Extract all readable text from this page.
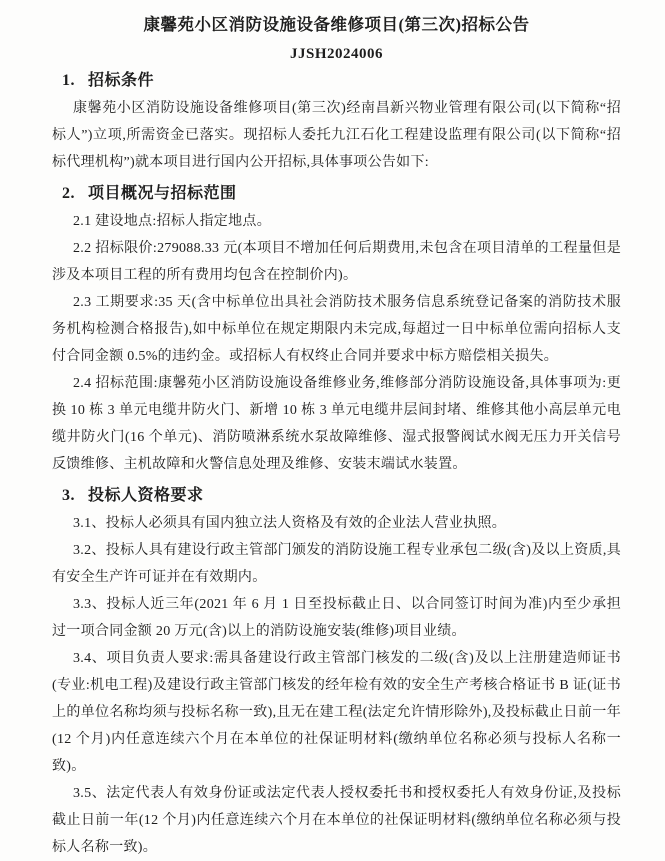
康馨苑小区消防设施设备维修项目(第三次)招标公告
JJSH2024006
1. 招标条件

康馨苑小区消防设施设备维修项目(第三次)经南昌新兴物业管理有限公司(以下简称“招标人”)立项,所需资金已落实。现招标人委托九江石化工程建设监理有限公司(以下简称“招标代理机构”)就本项目进行国内公开招标,具体事项公告如下:

2. 项目概况与招标范围

2.1 建设地点:招标人指定地点。

2.2 招标限价:279088.33 元(本项目不增加任何后期费用,未包含在项目清单的工程量但是涉及本项目工程的所有费用均包含在控制价内)。

2.3 工期要求:35 天(含中标单位出具社会消防技术服务信息系统登记备案的消防技术服务机构检测合格报告),如中标单位在规定期限内未完成,每超过一日中标单位需向招标人支付合同金额 0.5%的违约金。或招标人有权终止合同并要求中标方赔偿相关损失。

2.4 招标范围:康馨苑小区消防设施设备维修业务,维修部分消防设施设备,具体事项为:更换 10 栋 3 单元电缆井防火门、新增 10 栋 3 单元电缆井层间封堵、维修其他小高层单元电缆井防火门(16 个单元)、消防喷淋系统水泵故障维修、湿式报警阀试水阀无压力开关信号反馈维修、主机故障和火警信息处理及维修、安装末端试水装置。

3. 投标人资格要求

3.1、投标人必须具有国内独立法人资格及有效的企业法人营业执照。

3.2、投标人具有建设行政主管部门颁发的消防设施工程专业承包二级(含)及以上资质,具有安全生产许可证并在有效期内。

3.3、投标人近三年(2021 年 6 月 1 日至投标截止日、以合同签订时间为准)内至少承担过一项合同金额 20 万元(含)以上的消防设施安装(维修)项目业绩。

3.4、项目负责人要求:需具备建设行政主管部门核发的二级(含)及以上注册建造师证书(专业:机电工程)及建设行政主管部门核发的经年检有效的安全生产考核合格证书 B 证(证书上的单位名称均须与投标名称一致),且无在建工程(法定允许情形除外),及投标截止日前一年(12 个月)内任意连续六个月在本单位的社保证明材料(缴纳单位名称必须与投标人名称一致)。

3.5、法定代表人有效身份证或法定代表人授权委托书和授权委托人有效身份证,及投标截止日前一年(12 个月)内任意连续六个月在本单位的社保证明材料(缴纳单位名称必须与投标人名称一致)。
